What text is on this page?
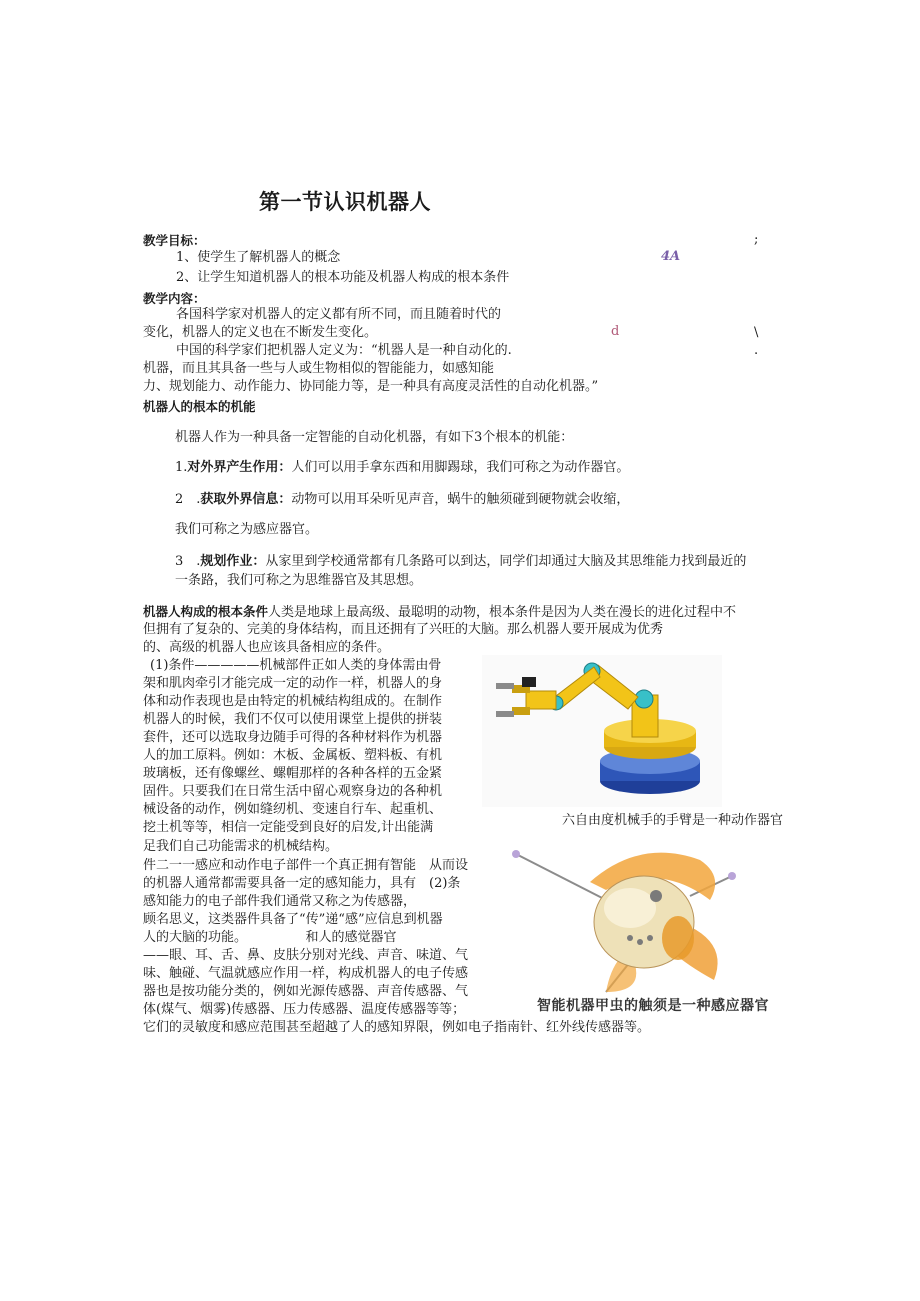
第一节认识机器人
教学目标：	;
1、使学生了解机器人的概念	4A
2、让学生知道机器人的根本功能及机器人构成的根本条件
教学内容：
各国科学家对机器人的定义都有所不同，而且随着时代的
变化，机器人的定义也在不断发生变化。	d	\
中国的科学家们把机器人定义为：“机器人是一种自动化的.	.
机器，而且其具备一些与人或生物相似的智能能力，如感知能
力、规划能力、动作能力、协同能力等，是一种具有高度灵活性的自动化机器。”
机器人的根本的机能
机器人作为一种具备一定智能的自动化机器，有如下3个根本的机能：
1.对外界产生作用：人们可以用手拿东西和用脚踢球，我们可称之为动作器官。
2　.获取外界信息：动物可以用耳朵听见声音，蜗牛的触须碰到硬物就会收缩，
我们可称之为感应器官。
3　.规划作业：从家里到学校通常都有几条路可以到达，同学们却通过大脑及其思维能力找到最近的
一条路，我们可称之为思维器官及其思想。
机器人构成的根本条件人类是地球上最高级、最聪明的动物，根本条件是因为人类在漫长的进化过程中不
但拥有了复杂的、完美的身体结构，而且还拥有了兴旺的大脑。那么机器人要开展成为优秀
的、高级的机器人也应该具备相应的条件。
(1)条件—————机械部件正如人类的身体需由骨
架和肌肉牵引才能完成一定的动作一样，机器人的身
体和动作表现也是由特定的机械结构组成的。在制作
机器人的时候，我们不仅可以使用课堂上提供的拼装
套件，还可以选取身边随手可得的各种材料作为机器
人的加工原料。例如：木板、金属板、塑料板、有机
玻璃板，还有像螺丝、螺帽那样的各种各样的五金紧
固件。只要我们在日常生活中留心观察身边的各种机
械设备的动作，例如缝纫机、变速自行车、起重机、
挖土机等等，相信一定能受到良好的启发,计出能满
足我们自己功能需求的机械结构。
件二一一感应和动作电子部件一个真正拥有智能　从而设
的机器人通常都需要具备一定的感知能力，具有　(2)条
感知能力的电子部件我们通常又称之为传感器，
顾名思义，这类器件具备了“传”递“感”应信息到机器
人的大脑的功能。　　　　　和人的感觉器官
——眼、耳、舌、鼻、皮肤分别对光线、声音、味道、气
味、触碰、气温就感应作用一样，构成机器人的电子传感
器也是按功能分类的，例如光源传感器、声音传感器、气
体(煤气、烟雾)传感器、压力传感器、温度传感器等等；
它们的灵敏度和感应范围甚至超越了人的感知界限，例如电子指南针、红外线传感器等。
六自由度机械手的手臂是一种动作器官
智能机器甲虫的触须是一种感应器官
